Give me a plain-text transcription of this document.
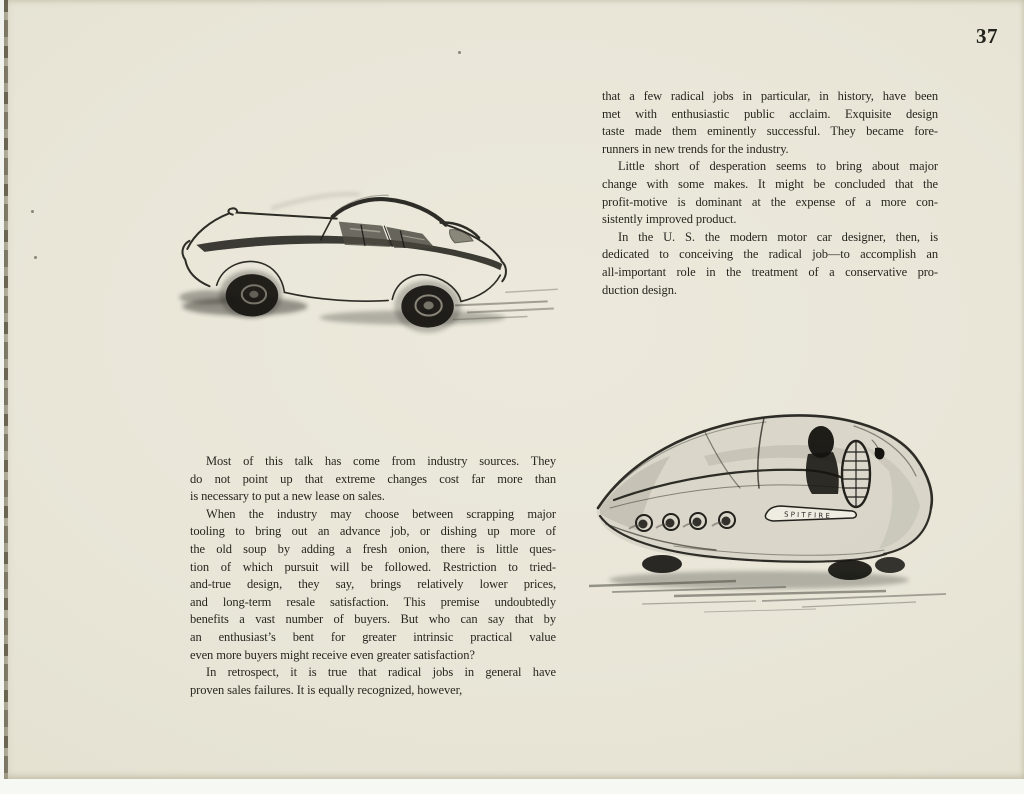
37
that a few radical jobs in particular, in history, have been
met with enthusiastic public acclaim. Exquisite design
taste made them eminently successful. They became fore-
runners in new trends for the industry.
Little short of desperation seems to bring about major
change with some makes. It might be concluded that the
profit-motive is dominant at the expense of a more con-
sistently improved product.
In the U. S. the modern motor car designer, then, is
dedicated to conceiving the radical job—to accomplish an
all-important role in the treatment of a conservative pro-
duction design.
Most of this talk has come from industry sources. They
do not point up that extreme changes cost far more than
is necessary to put a new lease on sales.
When the industry may choose between scrapping major
tooling to bring out an advance job, or dishing up more of
the old soup by adding a fresh onion, there is little ques-
tion of which pursuit will be followed. Restriction to tried-
and-true design, they say, brings relatively lower prices,
and long-term resale satisfaction. This premise undoubtedly
benefits a vast number of buyers. But who can say that by
an enthusiast’s bent for greater intrinsic practical value
even more buyers might receive even greater satisfaction?
In retrospect, it is true that radical jobs in general have
proven sales failures. It is equally recognized, however,
SPITFIRE
